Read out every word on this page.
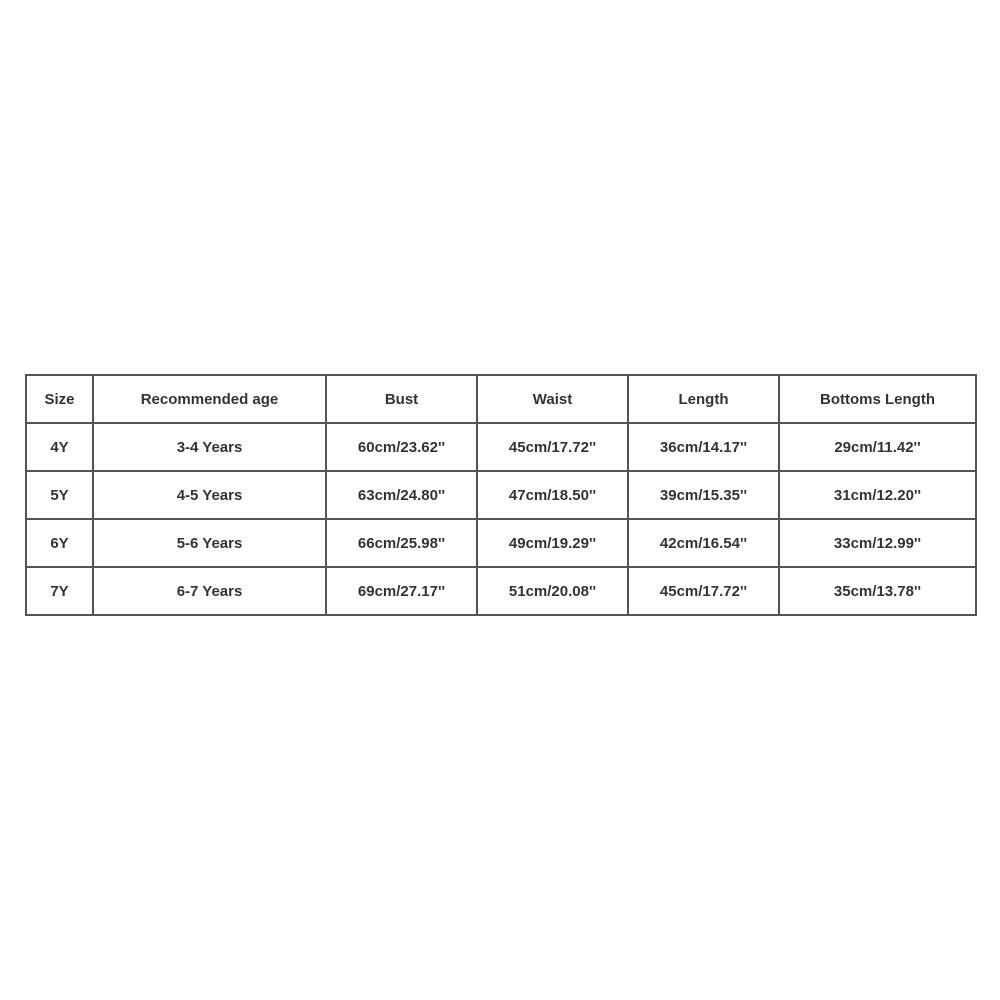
Size	Recommended age	Bust	Waist	Length	Bottoms Length
4Y	3-4 Years	60cm/23.62''	45cm/17.72''	36cm/14.17''	29cm/11.42''
5Y	4-5 Years	63cm/24.80''	47cm/18.50''	39cm/15.35''	31cm/12.20''
6Y	5-6 Years	66cm/25.98''	49cm/19.29''	42cm/16.54''	33cm/12.99''
7Y	6-7 Years	69cm/27.17''	51cm/20.08''	45cm/17.72''	35cm/13.78''
